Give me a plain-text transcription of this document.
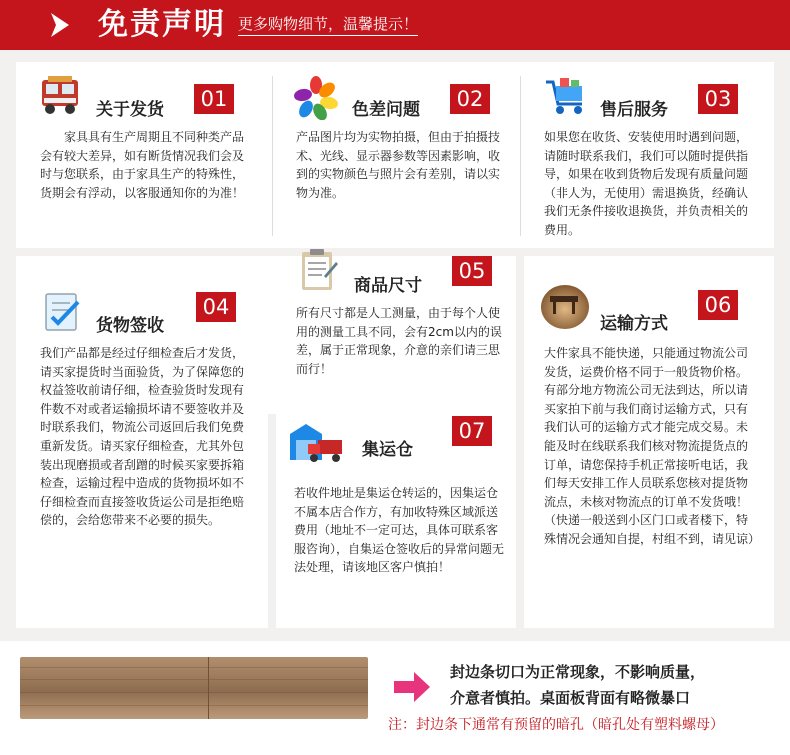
免责声明 更多购物细节，温馨提示！
关于发货	01
　　家具具有生产周期且不同种类产品会有较大差异，如有断货情况我们会及时与您联系，由于家具生产的特殊性，货期会有浮动，以客服通知你的为准！
色差问题	02
产品图片均为实物拍摄，但由于拍摄技术、光线、显示器参数等因素影响，收到的实物颜色与照片会有差别，请以实物为准。
售后服务	03
如果您在收货、安装使用时遇到问题，请随时联系我们，我们可以随时提供指导，如果在收到货物后发现有质量问题（非人为，无使用）需退换货，经确认我们无条件接收退换货，并负责相关的费用。
商品尺寸
05
所有尺寸都是人工测量，由于每个人使用的测量工具不同，会有2cm以内的误差，属于正常现象，介意的亲们请三思而行！
货物签收
04
我们产品都是经过仔细检查后才发货，请买家提货时当面验货，为了保障您的权益签收前请仔细，检查验货时发现有件数不对或者运输损坏请不要签收并及时联系我们，物流公司返回后我们免费重新发货。请买家仔细检查，尤其外包装出现磨损或者刮蹭的时候买家要拆箱检查，运输过程中造成的货物损坏如不仔细检查而直接签收货运公司是拒绝赔偿的，会给您带来不必要的损失。
集运仓
07
若收件地址是集运仓转运的，因集运仓不属本店合作方，有加收特殊区域派送费用（地址不一定可达，具体可联系客服咨询），自集运仓签收后的异常问题无法处理，请该地区客户慎拍！
运输方式
06
大件家具不能快递，只能通过物流公司发货，运费价格不同于一般货物价格。有部分地方物流公司无法到达，所以请买家拍下前与我们商讨运输方式，只有我们认可的运输方式才能完成交易。未能及时在线联系我们核对物流提货点的订单，请您保持手机正常接听电话，我们每天安排工作人员联系您核对提货物流点，未核对物流点的订单不发货哦！
（快递一般送到小区门口或者楼下，特殊情况会通知自提，村组不到，请见谅）
封边条切口为正常现象，不影响质量，
介意者慎拍。桌面板背面有略微暴口
注：封边条下通常有预留的暗孔（暗孔处有塑料螺母）
